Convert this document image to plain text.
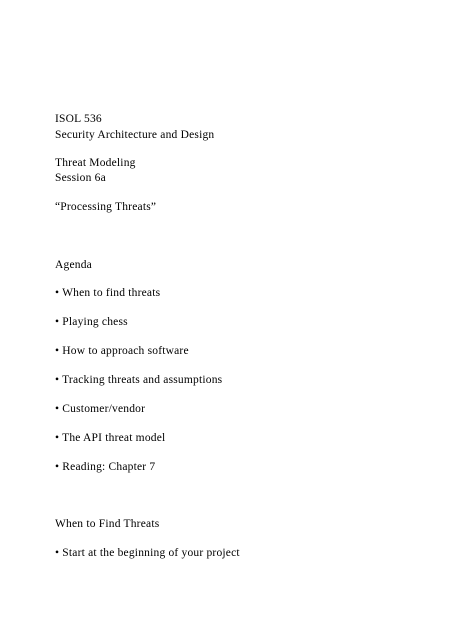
ISOL 536
Security Architecture and Design
Threat Modeling
Session 6a
“Processing Threats”
Agenda
• When to find threats
• Playing chess
• How to approach software
• Tracking threats and assumptions
• Customer/vendor
• The API threat model
• Reading: Chapter 7
When to Find Threats
• Start at the beginning of your project
